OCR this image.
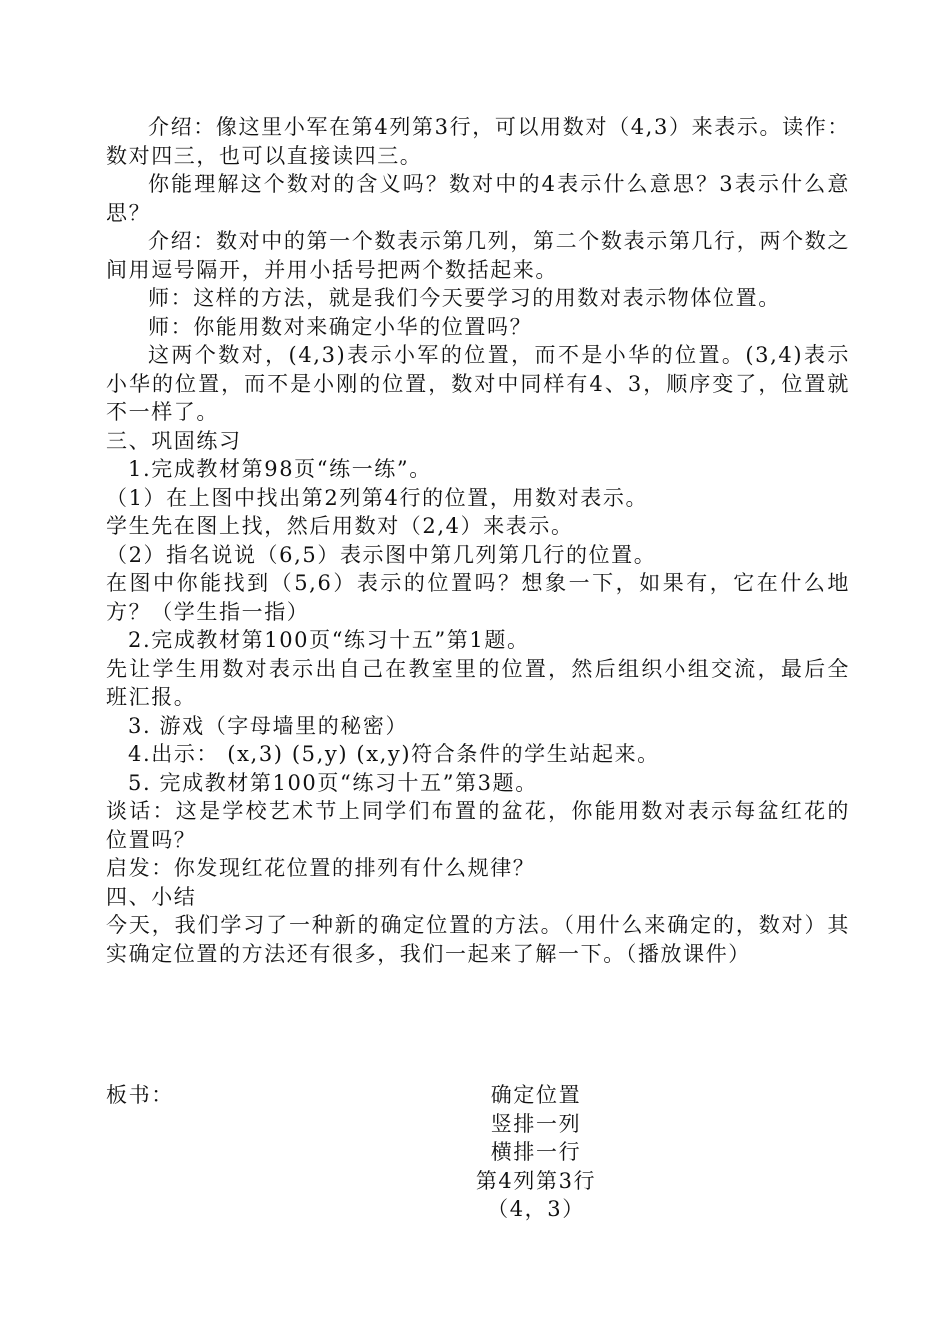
介绍：像这里小军在第4列第3行，可以用数对（4,3）来表示。读作：数对四三，也可以直接读四三。

你能理解这个数对的含义吗？数对中的4表示什么意思？3表示什么意思？

介绍：数对中的第一个数表示第几列，第二个数表示第几行，两个数之间用逗号隔开，并用小括号把两个数括起来。

师：这样的方法，就是我们今天要学习的用数对表示物体位置。

师：你能用数对来确定小华的位置吗？

这两个数对，(4,3)表示小军的位置，而不是小华的位置。(3,4)表示小华的位置，而不是小刚的位置，数对中同样有4、3，顺序变了，位置就不一样了。

三、巩固练习

1.完成教材第98页“练一练”。

（1）在上图中找出第2列第4行的位置，用数对表示。

学生先在图上找，然后用数对（2,4）来表示。

（2）指名说说（6,5）表示图中第几列第几行的位置。

在图中你能找到（5,6）表示的位置吗？想象一下，如果有，它在什么地方？（学生指一指）

2.完成教材第100页“练习十五”第1题。

先让学生用数对表示出自己在教室里的位置，然后组织小组交流，最后全班汇报。

3. 游戏（字母墙里的秘密）

4.出示： (x,3) (5,y) (x,y)符合条件的学生站起来。

5. 完成教材第100页“练习十五”第3题。

谈话：这是学校艺术节上同学们布置的盆花，你能用数对表示每盆红花的位置吗？

启发：你发现红花位置的排列有什么规律？

四、小结

今天，我们学习了一种新的确定位置的方法。（用什么来确定的，数对）其实确定位置的方法还有很多，我们一起来了解一下。（播放课件）

板书：	确定位置
竖排一列
横排一行
第4列第3行
（4，3）
